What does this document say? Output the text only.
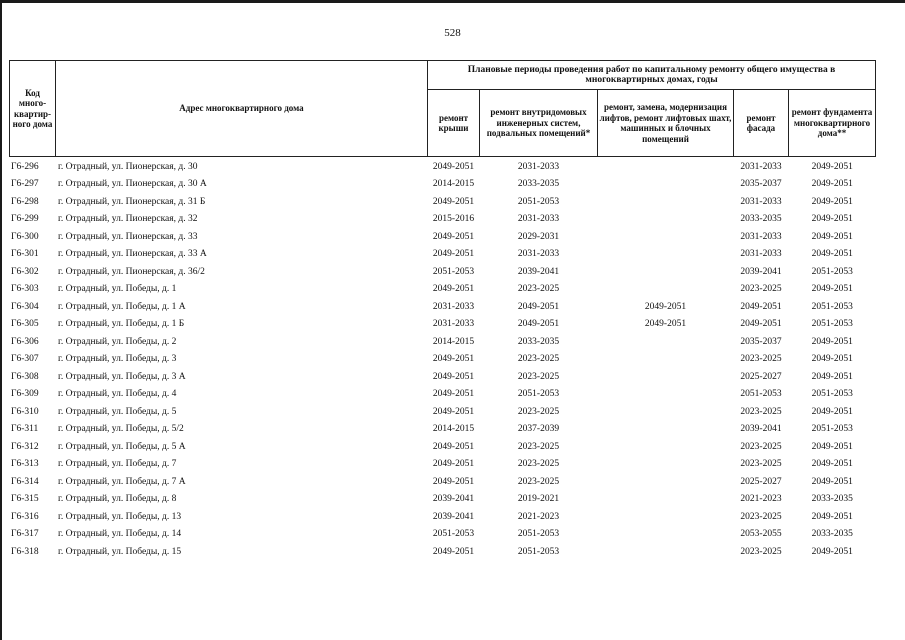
528
Код много-квартир-ного дома	Адрес многоквартирного дома	Плановые периоды проведения работ по капитальному ремонту общего имущества в многоквартирных домах, годы				
		ремонт крыши	ремонт внутридомовых инженерных систем, подвальных помещений*	ремонт, замена, модернизация лифтов, ремонт лифтовых шахт, машинных и блочных помещений	ремонт фасада	ремонт фундамента многоквартирного дома**
Г6-296	г. Отрадный, ул. Пионерская, д. 30	2049-2051	2031-2033		2031-2033	2049-2051
Г6-297	г. Отрадный, ул. Пионерская, д. 30 А	2014-2015	2033-2035		2035-2037	2049-2051
Г6-298	г. Отрадный, ул. Пионерская, д. 31 Б	2049-2051	2051-2053		2031-2033	2049-2051
Г6-299	г. Отрадный, ул. Пионерская, д. 32	2015-2016	2031-2033		2033-2035	2049-2051
Г6-300	г. Отрадный, ул. Пионерская, д. 33	2049-2051	2029-2031		2031-2033	2049-2051
Г6-301	г. Отрадный, ул. Пионерская, д. 33 А	2049-2051	2031-2033		2031-2033	2049-2051
Г6-302	г. Отрадный, ул. Пионерская, д. 36/2	2051-2053	2039-2041		2039-2041	2051-2053
Г6-303	г. Отрадный, ул. Победы, д. 1	2049-2051	2023-2025		2023-2025	2049-2051
Г6-304	г. Отрадный, ул. Победы, д. 1 А	2031-2033	2049-2051	2049-2051	2049-2051	2051-2053
Г6-305	г. Отрадный, ул. Победы, д. 1 Б	2031-2033	2049-2051	2049-2051	2049-2051	2051-2053
Г6-306	г. Отрадный, ул. Победы, д. 2	2014-2015	2033-2035		2035-2037	2049-2051
Г6-307	г. Отрадный, ул. Победы, д. 3	2049-2051	2023-2025		2023-2025	2049-2051
Г6-308	г. Отрадный, ул. Победы, д. 3 А	2049-2051	2023-2025		2025-2027	2049-2051
Г6-309	г. Отрадный, ул. Победы, д. 4	2049-2051	2051-2053		2051-2053	2051-2053
Г6-310	г. Отрадный, ул. Победы, д. 5	2049-2051	2023-2025		2023-2025	2049-2051
Г6-311	г. Отрадный, ул. Победы, д. 5/2	2014-2015	2037-2039		2039-2041	2051-2053
Г6-312	г. Отрадный, ул. Победы, д. 5 А	2049-2051	2023-2025		2023-2025	2049-2051
Г6-313	г. Отрадный, ул. Победы, д. 7	2049-2051	2023-2025		2023-2025	2049-2051
Г6-314	г. Отрадный, ул. Победы, д. 7 А	2049-2051	2023-2025		2025-2027	2049-2051
Г6-315	г. Отрадный, ул. Победы, д. 8	2039-2041	2019-2021		2021-2023	2033-2035
Г6-316	г. Отрадный, ул. Победы, д. 13	2039-2041	2021-2023		2023-2025	2049-2051
Г6-317	г. Отрадный, ул. Победы, д. 14	2051-2053	2051-2053		2053-2055	2033-2035
Г6-318	г. Отрадный, ул. Победы, д. 15	2049-2051	2051-2053		2023-2025	2049-2051
